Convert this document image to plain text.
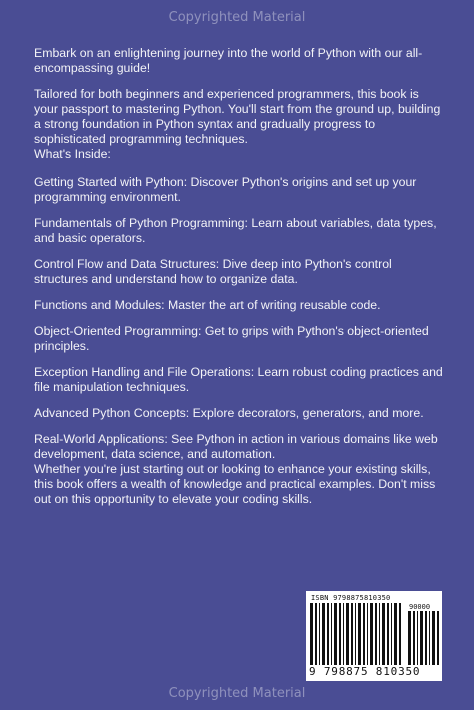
Copyrighted Material

Embark on an enlightening journey into the world of Python with our all-encompassing guide!

Tailored for both beginners and experienced programmers, this book is your passport to mastering Python. You'll start from the ground up, building a strong foundation in Python syntax and gradually progress to sophisticated programming techniques.

What's Inside:

Getting Started with Python: Discover Python's origins and set up your programming environment.

Fundamentals of Python Programming: Learn about variables, data types, and basic operators.

Control Flow and Data Structures: Dive deep into Python's control structures and understand how to organize data.

Functions and Modules: Master the art of writing reusable code.

Object-Oriented Programming: Get to grips with Python's object-oriented principles.

Exception Handling and File Operations: Learn robust coding practices and file manipulation techniques.

Advanced Python Concepts: Explore decorators, generators, and more.

Real-World Applications: See Python in action in various domains like web development, data science, and automation.

Whether you're just starting out or looking to enhance your existing skills, this book offers a wealth of knowledge and practical examples. Don't miss out on this opportunity to elevate your coding skills.

ISBN 9798875810350
90000
9 798875 810350
Copyrighted Material
